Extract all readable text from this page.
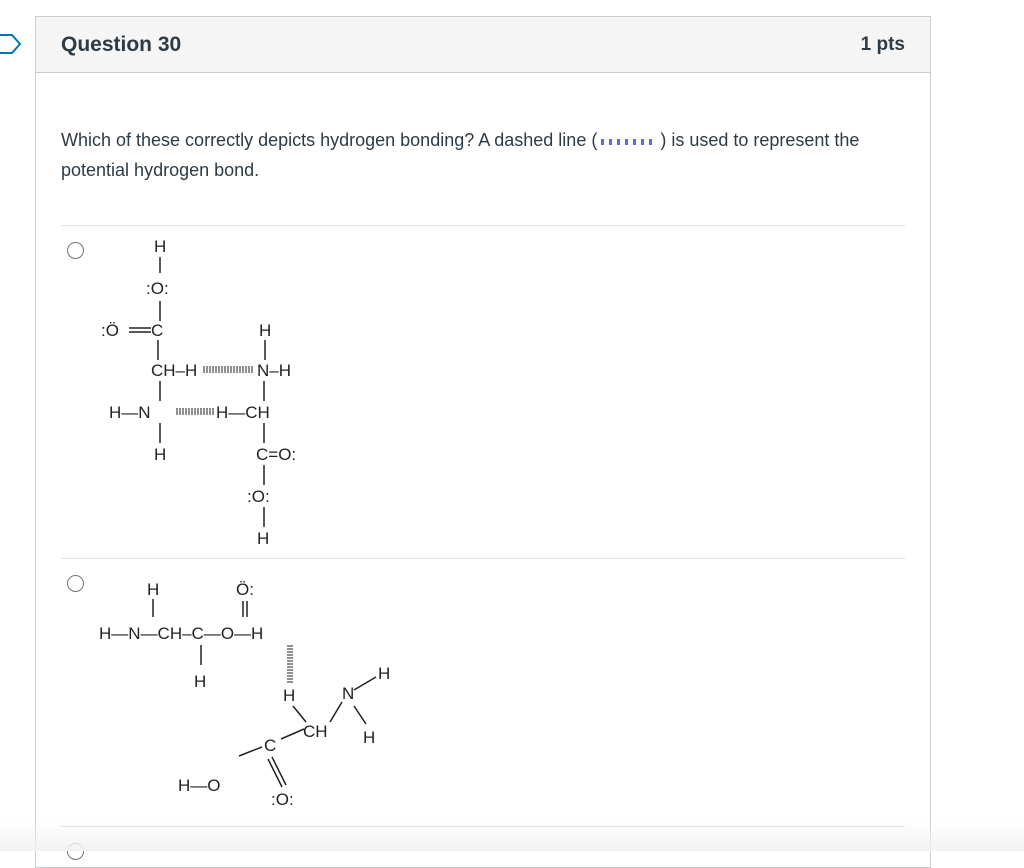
Question 30	1 pts
Which of these correctly depicts hydrogen bonding? A dashed line (	) is used to represent the potential hydrogen bond.
H
:O:
:Ö C	H
CH–H	N–H
H—N	H—CH
H	C=O:
:O:
H
H	Ö:
H—N—CH–C—O—H
H
H	N
H
CH H
C
H—O
:O:
